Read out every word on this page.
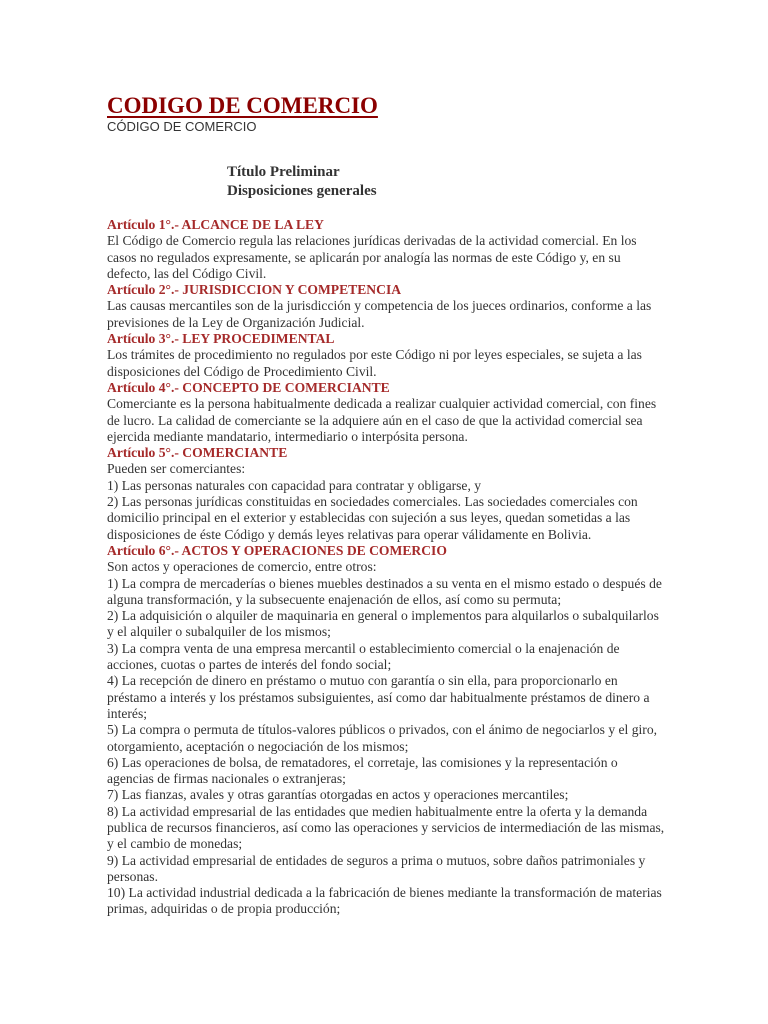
CODIGO DE COMERCIO
CÓDIGO DE COMERCIO
Título Preliminar
Disposiciones generales
Artículo 1°.- ALCANCE DE LA LEY

El Código de Comercio regula las relaciones jurídicas derivadas de la actividad comercial. En los casos no regulados expresamente, se aplicarán por analogía las normas de este Código y, en su defecto, las del Código Civil.

Artículo 2°.- JURISDICCION Y COMPETENCIA

Las causas mercantiles son de la jurisdicción y competencia de los jueces ordinarios, conforme a las previsiones de la Ley de Organización Judicial.

Artículo 3°.- LEY PROCEDIMENTAL

Los trámites de procedimiento no regulados por este Código ni por leyes especiales, se sujeta a las disposiciones del Código de Procedimiento Civil.

Artículo 4°.- CONCEPTO DE COMERCIANTE

Comerciante es la persona habitualmente dedicada a realizar cualquier actividad comercial, con fines de lucro. La calidad de comerciante se la adquiere aún en el caso de que la actividad comercial sea ejercida mediante mandatario, intermediario o interpósita persona.

Artículo 5°.- COMERCIANTE

Pueden ser comerciantes:

1) Las personas naturales con capacidad para contratar y obligarse, y

2) Las personas jurídicas constituidas en sociedades comerciales. Las sociedades comerciales con domicilio principal en el exterior y establecidas con sujeción a sus leyes, quedan sometidas a las disposiciones de éste Código y demás leyes relativas para operar válidamente en Bolivia.

Artículo 6°.- ACTOS Y OPERACIONES DE COMERCIO

Son actos y operaciones de comercio, entre otros:

1) La compra de mercaderías o bienes muebles destinados a su venta en el mismo estado o después de alguna transformación, y la subsecuente enajenación de ellos, así como su permuta;

2) La adquisición o alquiler de maquinaria en general o implementos para alquilarlos o subalquilarlos y el alquiler o subalquiler de los mismos;

3) La compra venta de una empresa mercantil o establecimiento comercial o la enajenación de acciones, cuotas o partes de interés del fondo social;

4) La recepción de dinero en préstamo o mutuo con garantía o sin ella, para proporcionarlo en préstamo a interés y los préstamos subsiguientes, así como dar habitualmente préstamos de dinero a interés;

5) La compra o permuta de títulos-valores públicos o privados, con el ánimo de negociarlos y el giro, otorgamiento, aceptación o negociación de los mismos;

6) Las operaciones de bolsa, de rematadores, el corretaje, las comisiones y la representación o agencias de firmas nacionales o extranjeras;

7) Las fianzas, avales y otras garantías otorgadas en actos y operaciones mercantiles;

8) La actividad empresarial de las entidades que medien habitualmente entre la oferta y la demanda publica de recursos financieros, así como las operaciones y servicios de intermediación de las mismas, y el cambio de monedas;

9) La actividad empresarial de entidades de seguros a prima o mutuos, sobre daños patrimoniales y personas.

10) La actividad industrial dedicada a la fabricación de bienes mediante la transformación de materias primas, adquiridas o de propia producción;
